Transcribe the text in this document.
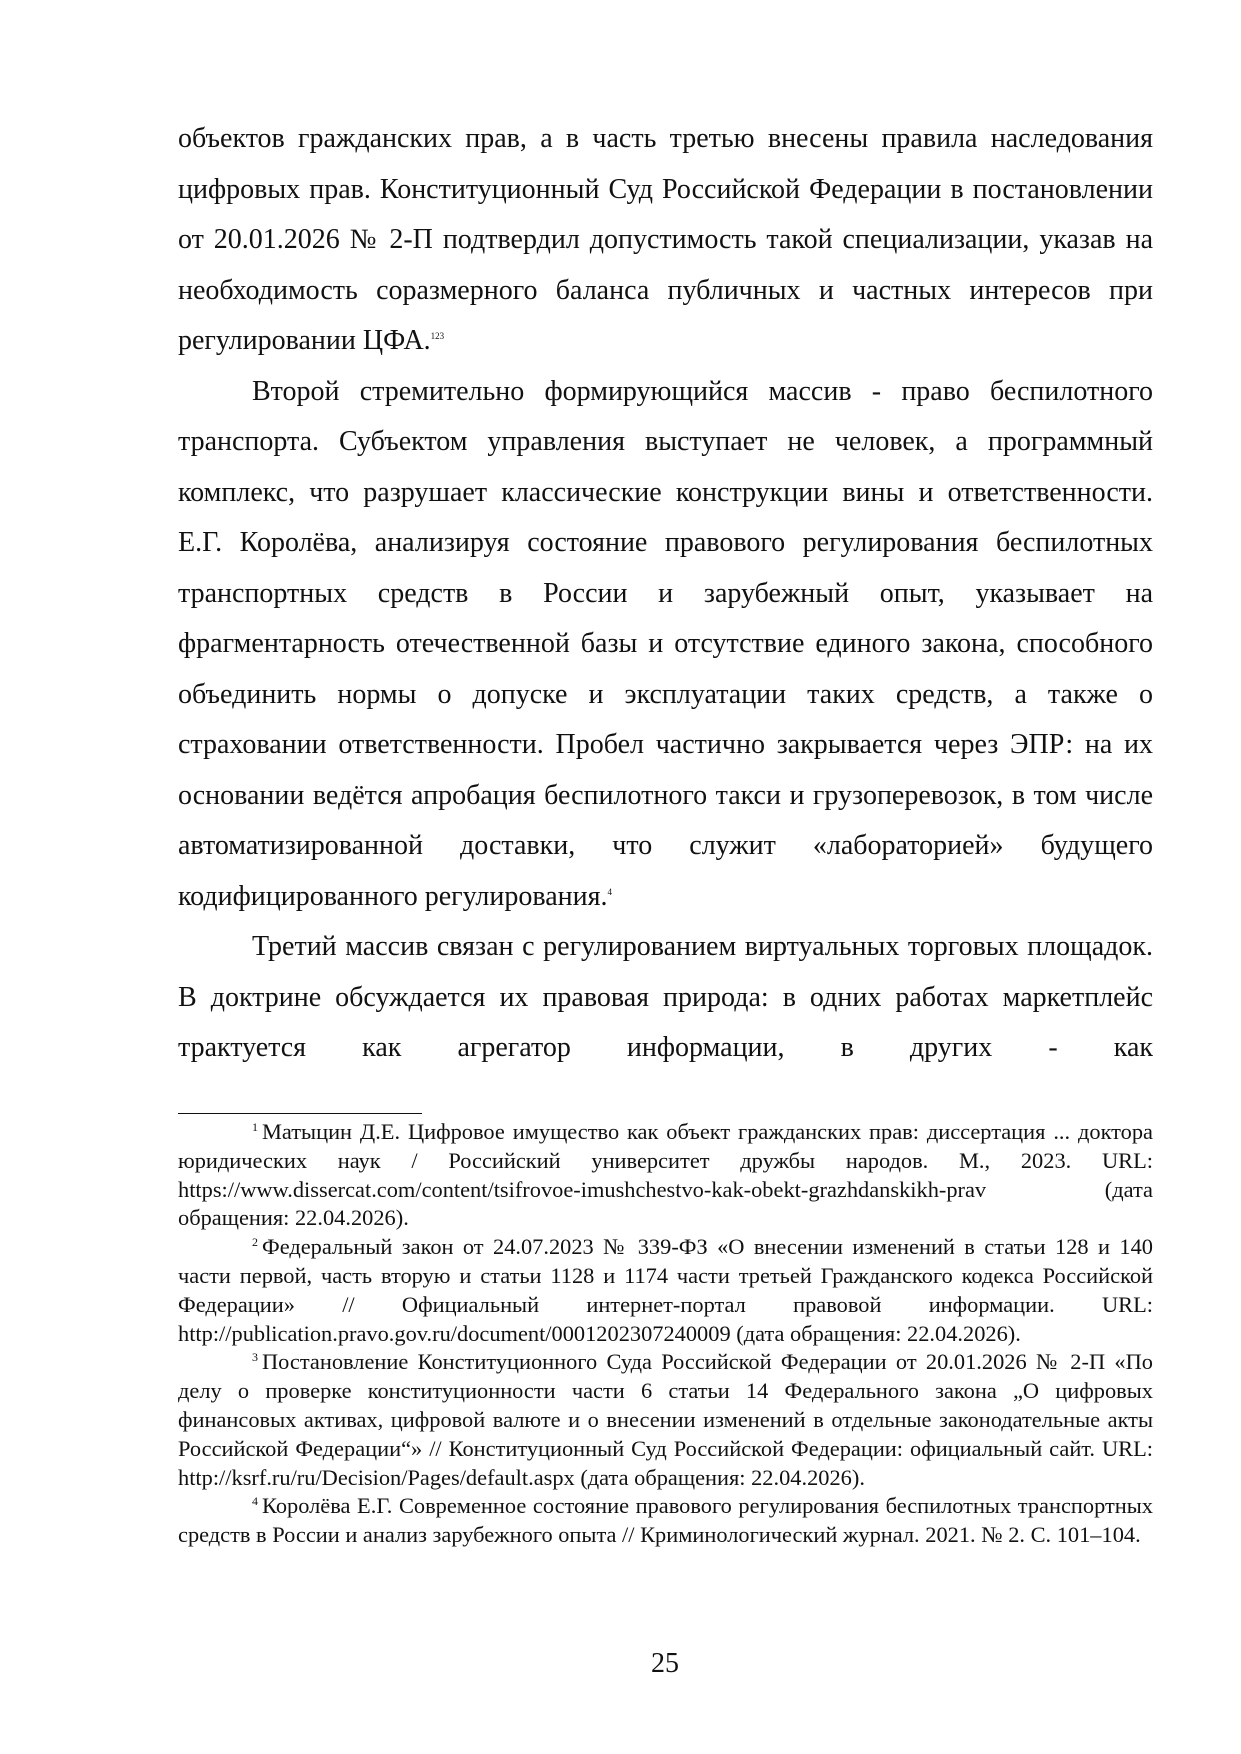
объектов гражданских прав, а в часть третью внесены правила наследования цифровых прав. Конституционный Суд Российской Федерации в постановлении от 20.01.2026 № 2-П подтвердил допустимость такой специализации, указав на необходимость соразмерного баланса публичных и частных интересов при регулировании ЦФА.$^{123}$

Второй стремительно формирующийся массив - право беспилотного транспорта. Субъектом управления выступает не человек, а программный комплекс, что разрушает классические конструкции вины и ответственности. Е.Г. Королёва, анализируя состояние правового регулирования беспилотных транспортных средств в России и зарубежный опыт, указывает на фрагментарность отечественной базы и отсутствие единого закона, способного объединить нормы о допуске и эксплуатации таких средств, а также о страховании ответственности. Пробел частично закрывается через ЭПР: на их основании ведётся апробация беспилотного такси и грузоперевозок, в том числе автоматизированной доставки, что служит «лабораторией» будущего кодифицированного регулирования.$^4$

Третий массив связан с регулированием виртуальных торговых площадок. В доктрине обсуждается их правовая природа: в одних работах маркетплейс трактуется как агрегатор информации, в других - как

$^1$ Матыцин Д.Е. Цифровое имущество как объект гражданских прав: диссертация ... доктора юридических наук / Российский университет дружбы народов. М., 2023. URL: https://www.dissercat.com/content/tsifrovoe-imushchestvo-kak-obekt-grazhdanskikh-prav (дата обращения: 22.04.2026).

$^2$ Федеральный закон от 24.07.2023 № 339-ФЗ «О внесении изменений в статьи 128 и 140 части первой, часть вторую и статьи 1128 и 1174 части третьей Гражданского кодекса Российской Федерации» // Официальный интернет-портал правовой информации. URL: http://publication.pravo.gov.ru/document/0001202307240009 (дата обращения: 22.04.2026).

$^3$ Постановление Конституционного Суда Российской Федерации от 20.01.2026 № 2-П «По делу о проверке конституционности части 6 статьи 14 Федерального закона „О цифровых финансовых активах, цифровой валюте и о внесении изменений в отдельные законодательные акты Российской Федерации“» // Конституционный Суд Российской Федерации: официальный сайт. URL: http://ksrf.ru/ru/Decision/Pages/default.aspx (дата обращения: 22.04.2026).

$^4$ Королёва Е.Г. Современное состояние правового регулирования беспилотных транспортных средств в России и анализ зарубежного опыта // Криминологический журнал. 2021. № 2. С. 101–104.

25
